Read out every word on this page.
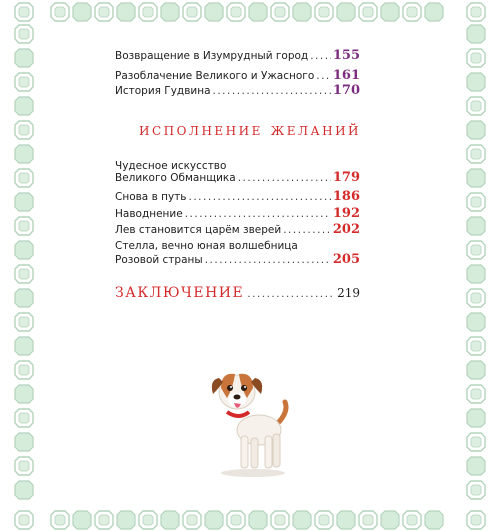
Возвращение в Изумрудный город ..... 155
Разоблачение Великого и Ужасного ..... 161
История Гудвина .....	170
исполнение желаний
Чудесное искусство
Великого Обманщика .....	179
Снова в путь .....	186
Наводнение .....	192
Лев становится царём зверей .....	202
Стелла, вечно юная волшебница
Розовой страны .....	205
ЗАКЛЮЧЕНИЕ .....	219
